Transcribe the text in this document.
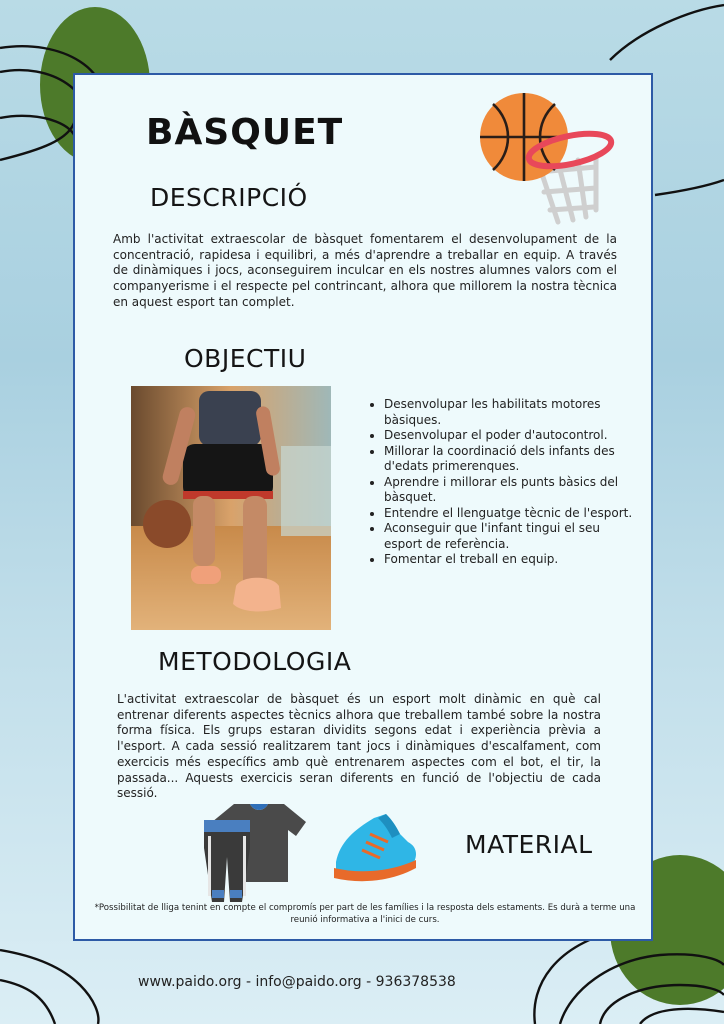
BÀSQUET
DESCRIPCIÓ
Amb l'activitat extraescolar de bàsquet fomentarem el desenvolupament de la concentració, rapidesa i equilibri, a més d'aprendre a treballar en equip. A través de dinàmiques i jocs, aconseguirem inculcar en els nostres alumnes valors com el companyerisme i el respecte pel contrincant, alhora que millorem la nostra tècnica en aquest esport tan complet.
OBJECTIU
• Desenvolupar les habilitats motores bàsiques.
• Desenvolupar el poder d'autocontrol.
• Millorar la coordinació dels infants des d'edats primerenques.
• Aprendre i millorar els punts bàsics del bàsquet.
• Entendre el llenguatge tècnic de l'esport.
• Aconseguir que l'infant tingui el seu esport de referència.
• Fomentar el treball en equip.
METODOLOGIA
L'activitat extraescolar de bàsquet és un esport molt dinàmic en què cal entrenar diferents aspectes tècnics alhora que treballem també sobre la nostra forma física. Els grups estaran dividits segons edat i experiència prèvia a l'esport. A cada sessió realitzarem tant jocs i dinàmiques d'escalfament, com exercicis més específics amb què entrenarem aspectes com el bot, el tir, la passada... Aquests exercicis seran diferents en funció de l'objectiu de cada sessió.
MATERIAL
*Possibilitat de lliga tenint en compte el compromís per part de les famílies i la resposta dels estaments. Es durà a terme una reunió informativa a l'inici de curs.
www.paido.org - info@paido.org - 936378538
